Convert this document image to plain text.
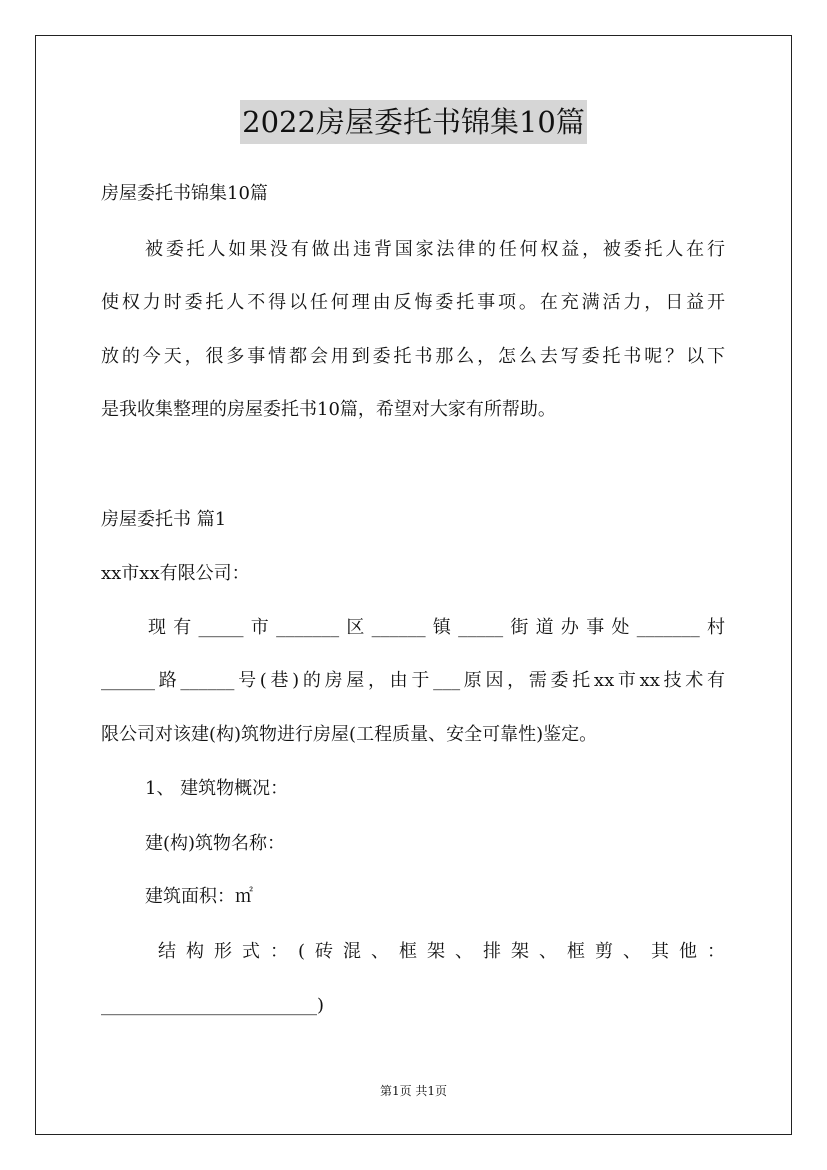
2022房屋委托书锦集10篇
房屋委托书锦集10篇
被委托人如果没有做出违背国家法律的任何权益，被委托人在行
使权力时委托人不得以任何理由反悔委托事项。在充满活力，日益开
放的今天，很多事情都会用到委托书那么，怎么去写委托书呢？以下
是我收集整理的房屋委托书10篇，希望对大家有所帮助。
房屋委托书 篇1
xx市xx有限公司：
现有_____市_______区______镇_____街道办事处_______村
______路______号(巷)的房屋，由于___原因，需委托xx市xx技术有
限公司对该建(构)筑物进行房屋(工程质量、安全可靠性)鉴定。
1、 建筑物概况：
建(构)筑物名称：
建筑面积：㎡
结构形式：(砖混、框架、排架、框剪、其他：
________________________)
第1页 共1页
